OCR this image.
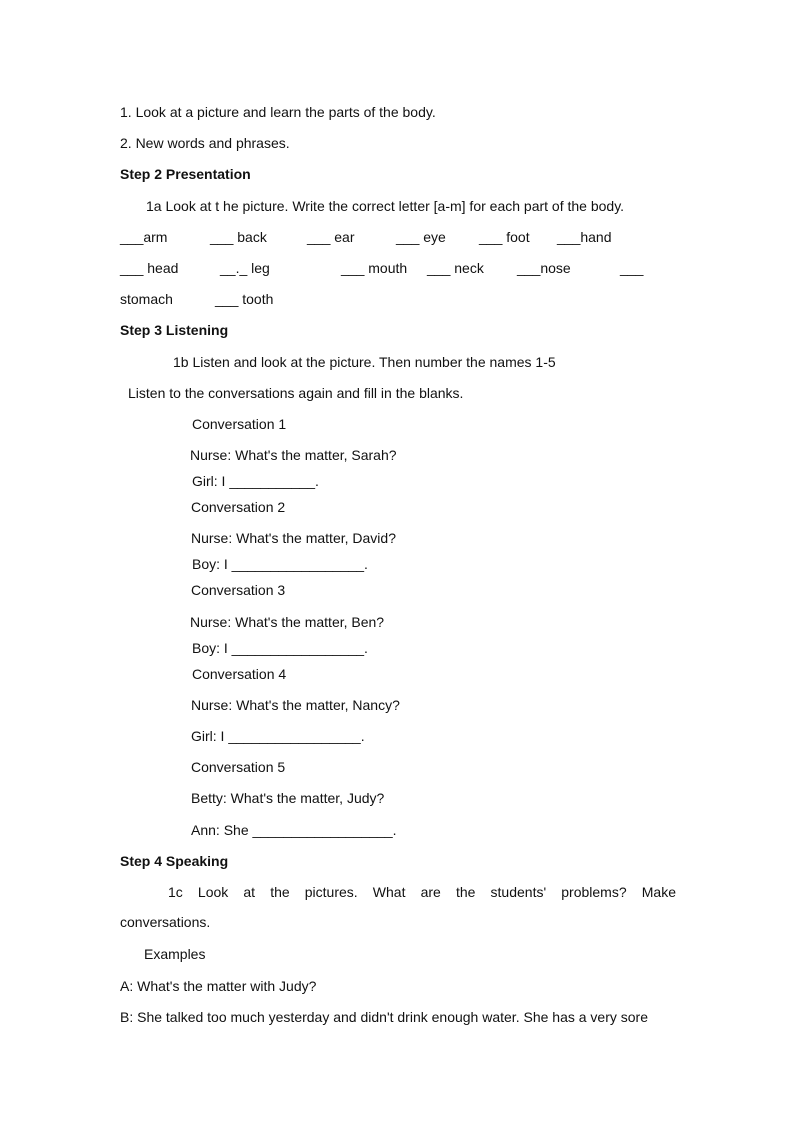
1. Look at a picture and learn the parts of the body.
2. New words and phrases.
Step 2 Presentation
1a Look at t he picture. Write the correct letter [a-m] for each part of the body.
___arm	___ back	___ ear	___ eye ___ foot ___hand
___ head	__._ leg	___ mouth ___ neck ___nose	___
stomach	___ tooth
Step 3 Listening
1b Listen and look at the picture. Then number the names 1-5
Listen to the conversations again and fill in the blanks.
Conversation 1
Nurse: What's the matter, Sarah?
Girl: I ___________.
Conversation 2
Nurse: What's the matter, David?
Boy: I _________________.
Conversation 3
Nurse: What's the matter, Ben?
Boy: I _________________.
Conversation 4
Nurse: What's the matter, Nancy?
Girl: I _________________.
Conversation 5
Betty: What's the matter, Judy?
Ann: She __________________.
Step 4 Speaking
1c Look at the pictures. What are the students' problems? Make
conversations.
Examples
A: What's the matter with Judy?
B: She talked too much yesterday and didn't drink enough water. She has a very sore
